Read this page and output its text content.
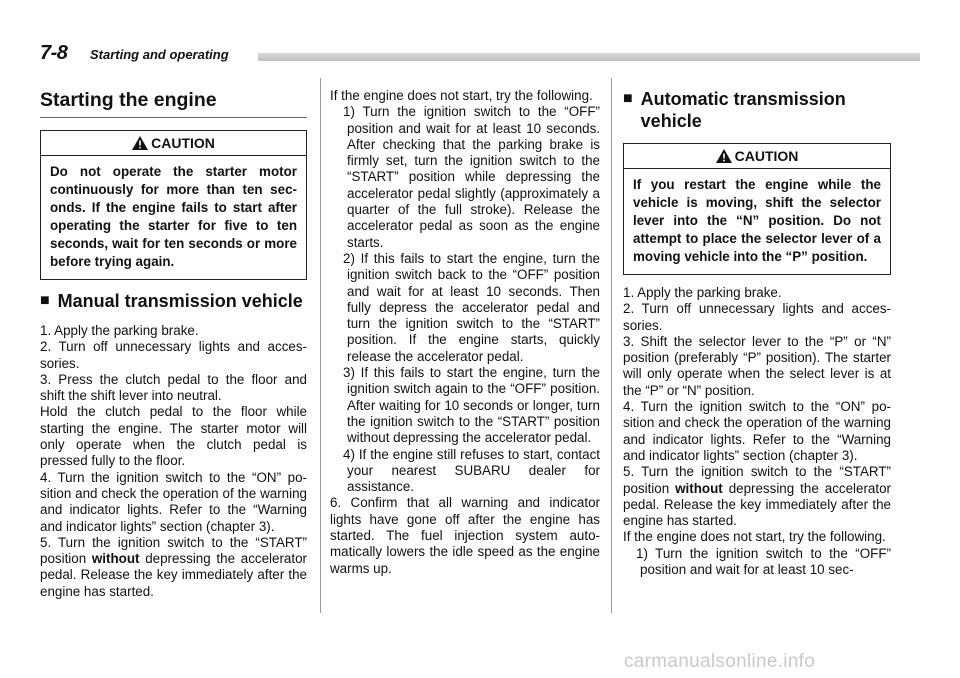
7-8 Starting and operating
Starting the engine
CAUTION
Do not operate the starter motor continuously for more than ten seconds. If the engine fails to start after operating the starter for five to ten seconds, wait for ten seconds or more before trying again.
■ Manual transmission vehicle

1. Apply the parking brake.

2. Turn off unnecessary lights and accessories.

3. Press the clutch pedal to the floor and shift the shift lever into neutral.

Hold the clutch pedal to the floor while starting the engine. The starter motor will only operate when the clutch pedal is pressed fully to the floor.

4. Turn the ignition switch to the “ON” position and check the operation of the warning and indicator lights. Refer to the “Warning and indicator lights” section (chapter 3).

5. Turn the ignition switch to the “START” position without depressing the accelerator pedal. Release the key immediately after the engine has started.

If the engine does not start, try the following.

1) Turn the ignition switch to the “OFF” position and wait for at least 10 seconds. After checking that the parking brake is firmly set, turn the ignition switch to the “START” position while depressing the accelerator pedal slightly (approximately a quarter of the full stroke). Release the accelerator pedal as soon as the engine starts.

2) If this fails to start the engine, turn the ignition switch back to the “OFF” position and wait for at least 10 seconds. Then fully depress the accelerator pedal and turn the ignition switch to the “START” position. If the engine starts, quickly release the accelerator pedal.

3) If this fails to start the engine, turn the ignition switch again to the “OFF” position. After waiting for 10 seconds or longer, turn the ignition switch to the “START” position without depressing the accelerator pedal.

4) If the engine still refuses to start, contact your nearest SUBARU dealer for assistance.

6. Confirm that all warning and indicator lights have gone off after the engine has started. The fuel injection system automatically lowers the idle speed as the engine warms up.

■ Automatic transmission vehicle
CAUTION
If you restart the engine while the vehicle is moving, shift the selector lever into the “N” position. Do not attempt to place the selector lever of a moving vehicle into the “P” position.

1. Apply the parking brake.

2. Turn off unnecessary lights and accessories.

3. Shift the selector lever to the “P” or “N” position (preferably “P” position). The starter will only operate when the select lever is at the “P” or “N” position.

4. Turn the ignition switch to the “ON” position and check the operation of the warning and indicator lights. Refer to the “Warning and indicator lights” section (chapter 3).

5. Turn the ignition switch to the “START” position without depressing the accelerator pedal. Release the key immediately after the engine has started.

If the engine does not start, try the following.

1) Turn the ignition switch to the “OFF” position and wait for at least 10 sec-

carmanualsonline.info
